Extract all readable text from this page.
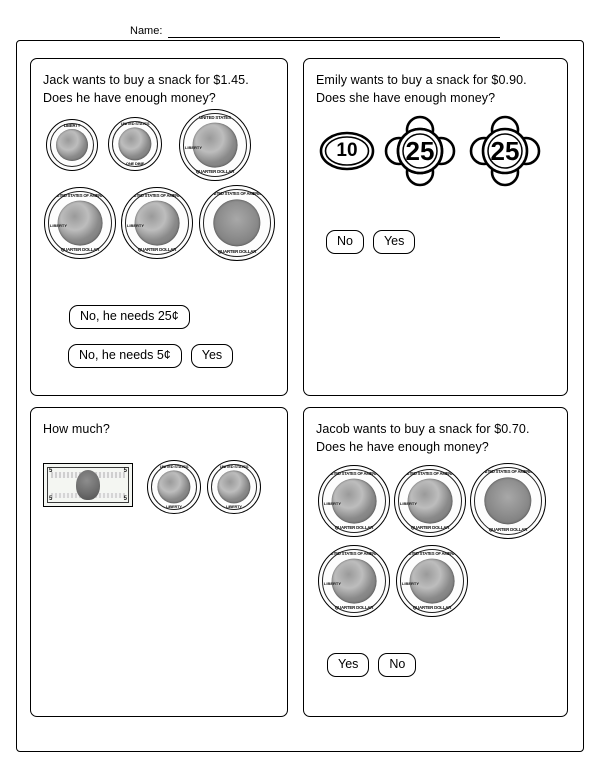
Name:
Jack wants to buy a snack for $1.45. Does he have enough money?
LIBERTY	UNITED STATES
ONE DIME
UNITED STATES
QUARTER DOLLAR
LIBERTY
UNITED STATES OF AMERICA
QUARTER DOLLAR
LIBERTY
UNITED STATES OF AMERICA
QUARTER DOLLAR
LIBERTY
UNITED STATES OF AMERICA
QUARTER DOLLAR
No, he needs 25¢
No, he needs 5¢	Yes
Emily wants to buy a snack for $0.90. Does she have enough money?
10	25	25
No	Yes
How much?
5	5
5	5
UNITED STATES
LIBERTY
UNITED STATES
LIBERTY
Jacob wants to buy a snack for $0.70. Does he have enough money?
UNITED STATES OF AMERICA
QUARTER DOLLAR
LIBERTY
UNITED STATES OF AMERICA
QUARTER DOLLAR
LIBERTY
UNITED STATES OF AMERICA
QUARTER DOLLAR
UNITED STATES OF AMERICA
QUARTER DOLLAR
LIBERTY
UNITED STATES OF AMERICA
QUARTER DOLLAR
LIBERTY
Yes	No
